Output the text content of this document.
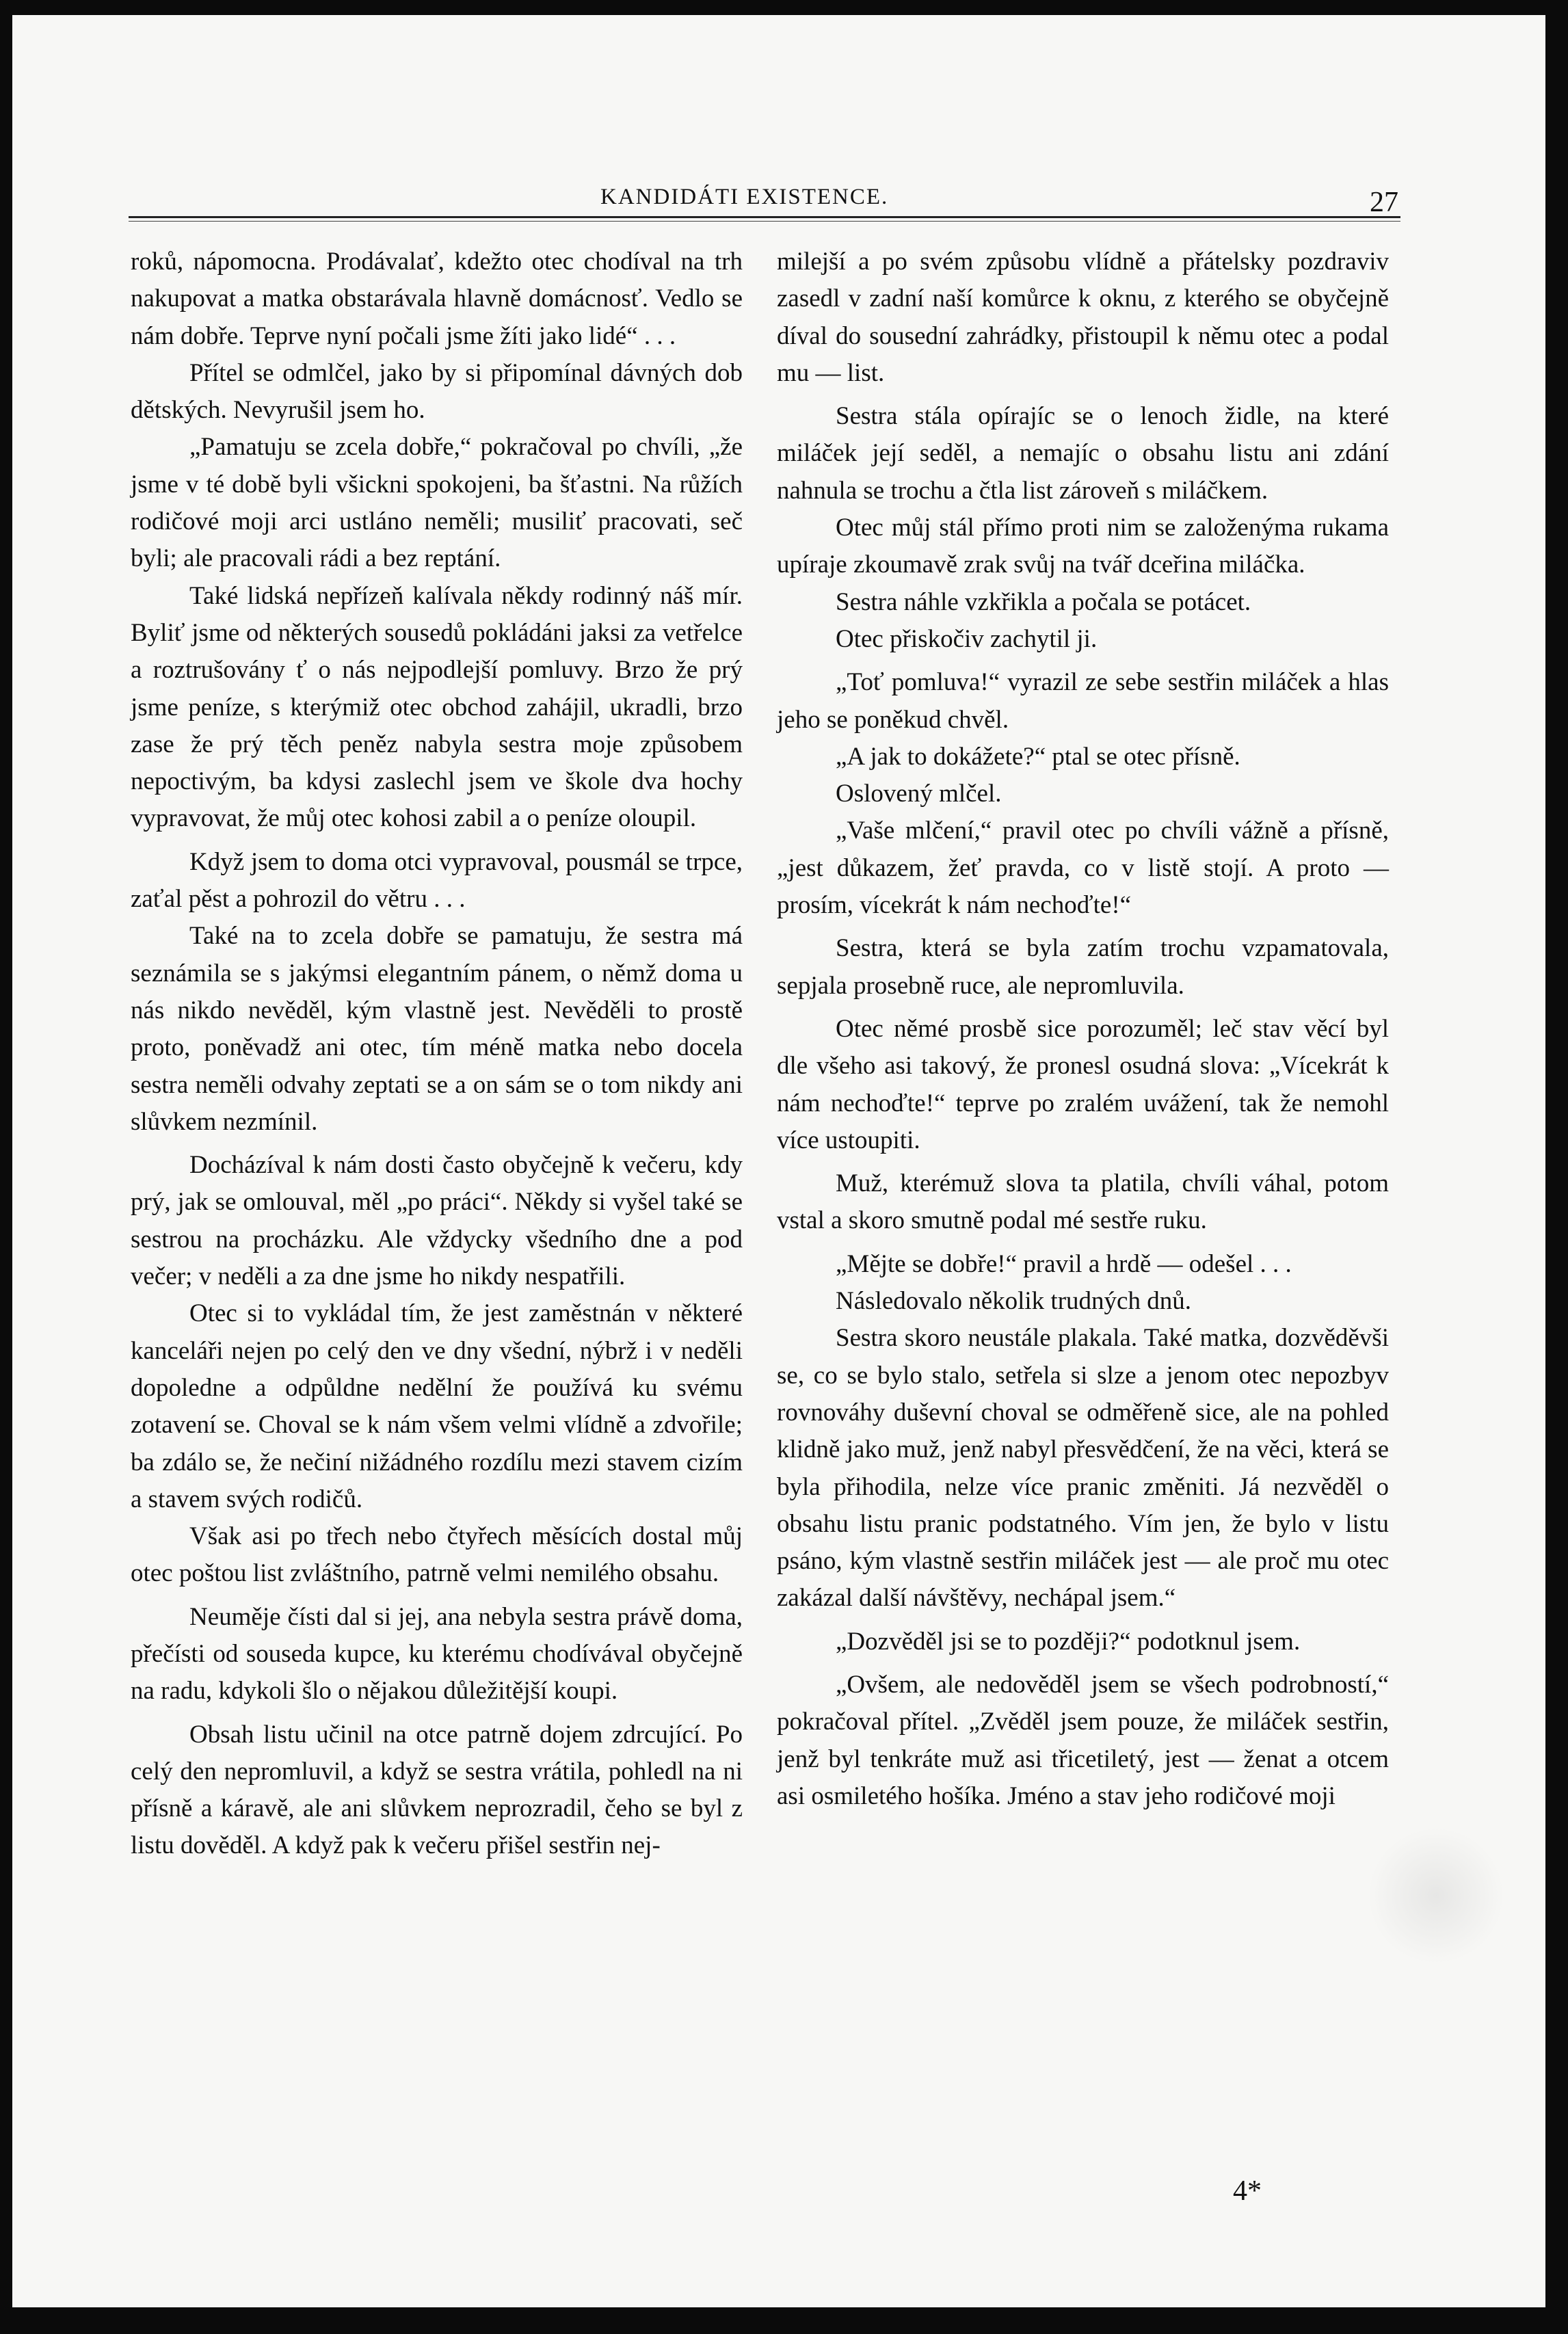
KANDIDÁTI EXISTENCE.	27

roků, nápomocna. Prodávalať, kdežto otec chodíval na trh nakupovat a matka obstarávala hlavně domácnosť. Vedlo se nám dobře. Teprve nyní počali jsme žíti jako lidé“ . . .

Přítel se odmlčel, jako by si připomínal dávných dob dětských. Nevyrušil jsem ho.

„Pamatuju se zcela dobře,“ pokračoval po chvíli, „že jsme v té době byli všickni spokojeni, ba šťastni. Na růžích rodičové moji arci ustláno neměli; musiliť pracovati, seč byli; ale pracovali rádi a bez reptání.

Také lidská nepřízeň kalívala někdy rodinný náš mír. Byliť jsme od některých sousedů pokládáni jaksi za vetřelce a roztrušovány ť o nás nejpodlejší pomluvy. Brzo že prý jsme peníze, s kterýmiž otec obchod zahájil, ukradli, brzo zase že prý těch peněz nabyla sestra moje způsobem nepoctivým, ba kdysi zaslechl jsem ve škole dva hochy vypravovat, že můj otec kohosi zabil a o peníze oloupil.

Když jsem to doma otci vypravoval, pousmál se trpce, zaťal pěst a pohrozil do větru . . .

Také na to zcela dobře se pamatuju, že sestra má seznámila se s jakýmsi elegantním pánem, o němž doma u nás nikdo nevěděl, kým vlastně jest. Nevěděli to prostě proto, poněvadž ani otec, tím méně matka nebo docela sestra neměli odvahy zeptati se a on sám se o tom nikdy ani slůvkem nezmínil.

Docházíval k nám dosti často obyčejně k večeru, kdy prý, jak se omlouval, měl „po práci“. Někdy si vyšel také se sestrou na procházku. Ale vždycky všedního dne a pod večer; v neděli a za dne jsme ho nikdy nespatřili.

Otec si to vykládal tím, že jest zaměstnán v některé kanceláři nejen po celý den ve dny všední, nýbrž i v neděli dopoledne a odpůldne nedělní že používá ku svému zotavení se. Choval se k nám všem velmi vlídně a zdvořile; ba zdálo se, že nečiní nižádného rozdílu mezi stavem cizím a stavem svých rodičů.

Však asi po třech nebo čtyřech měsících dostal můj otec poštou list zvláštního, patrně velmi nemilého obsahu.

Neuměje čísti dal si jej, ana nebyla sestra právě doma, přečísti od souseda kupce, ku kterému chodívával obyčejně na radu, kdykoli šlo o nějakou důležitější koupi.

Obsah listu učinil na otce patrně dojem zdrcující. Po celý den nepromluvil, a když se sestra vrátila, pohledl na ni přísně a káravě, ale ani slůvkem neprozradil, čeho se byl z listu dověděl. A když pak k večeru přišel sestřin nej-

milejší a po svém způsobu vlídně a přátelsky pozdraviv zasedl v zadní naší komůrce k oknu, z kterého se obyčejně díval do sousední zahrádky, přistoupil k němu otec a podal mu — list.

Sestra stála opírajíc se o lenoch židle, na které miláček její seděl, a nemajíc o obsahu listu ani zdání nahnula se trochu a čtla list zároveň s miláčkem.

Otec můj stál přímo proti nim se založenýma rukama upíraje zkoumavě zrak svůj na tvář dceřina miláčka.

Sestra náhle vzkřikla a počala se potácet.

Otec přiskočiv zachytil ji.

„Toť pomluva!“ vyrazil ze sebe sestřin miláček a hlas jeho se poněkud chvěl.

„A jak to dokážete?“ ptal se otec přísně.

Oslovený mlčel.

„Vaše mlčení,“ pravil otec po chvíli vážně a přísně, „jest důkazem, žeť pravda, co v listě stojí. A proto — prosím, vícekrát k nám nechoďte!“

Sestra, která se byla zatím trochu vzpamatovala, sepjala prosebně ruce, ale nepromluvila.

Otec němé prosbě sice porozuměl; leč stav věcí byl dle všeho asi takový, že pronesl osudná slova: „Vícekrát k nám nechoďte!“ teprve po zralém uvážení, tak že nemohl více ustoupiti.

Muž, kterémuž slova ta platila, chvíli váhal, potom vstal a skoro smutně podal mé sestře ruku.

„Mějte se dobře!“ pravil a hrdě — odešel . . .

Následovalo několik trudných dnů.

Sestra skoro neustále plakala. Také matka, dozvěděvši se, co se bylo stalo, setřela si slze a jenom otec nepozbyv rovnováhy duševní choval se odměřeně sice, ale na pohled klidně jako muž, jenž nabyl přesvědčení, že na věci, která se byla přihodila, nelze více pranic změniti. Já nezvěděl o obsahu listu pranic podstatného. Vím jen, že bylo v listu psáno, kým vlastně sestřin miláček jest — ale proč mu otec zakázal další návštěvy, nechápal jsem.“

„Dozvěděl jsi se to později?“ podotknul jsem.

„Ovšem, ale nedověděl jsem se všech podrobností,“ pokračoval přítel. „Zvěděl jsem pouze, že miláček sestřin, jenž byl tenkráte muž asi třicetiletý, jest — ženat a otcem asi osmiletého hošíka. Jméno a stav jeho rodičové moji

4*
